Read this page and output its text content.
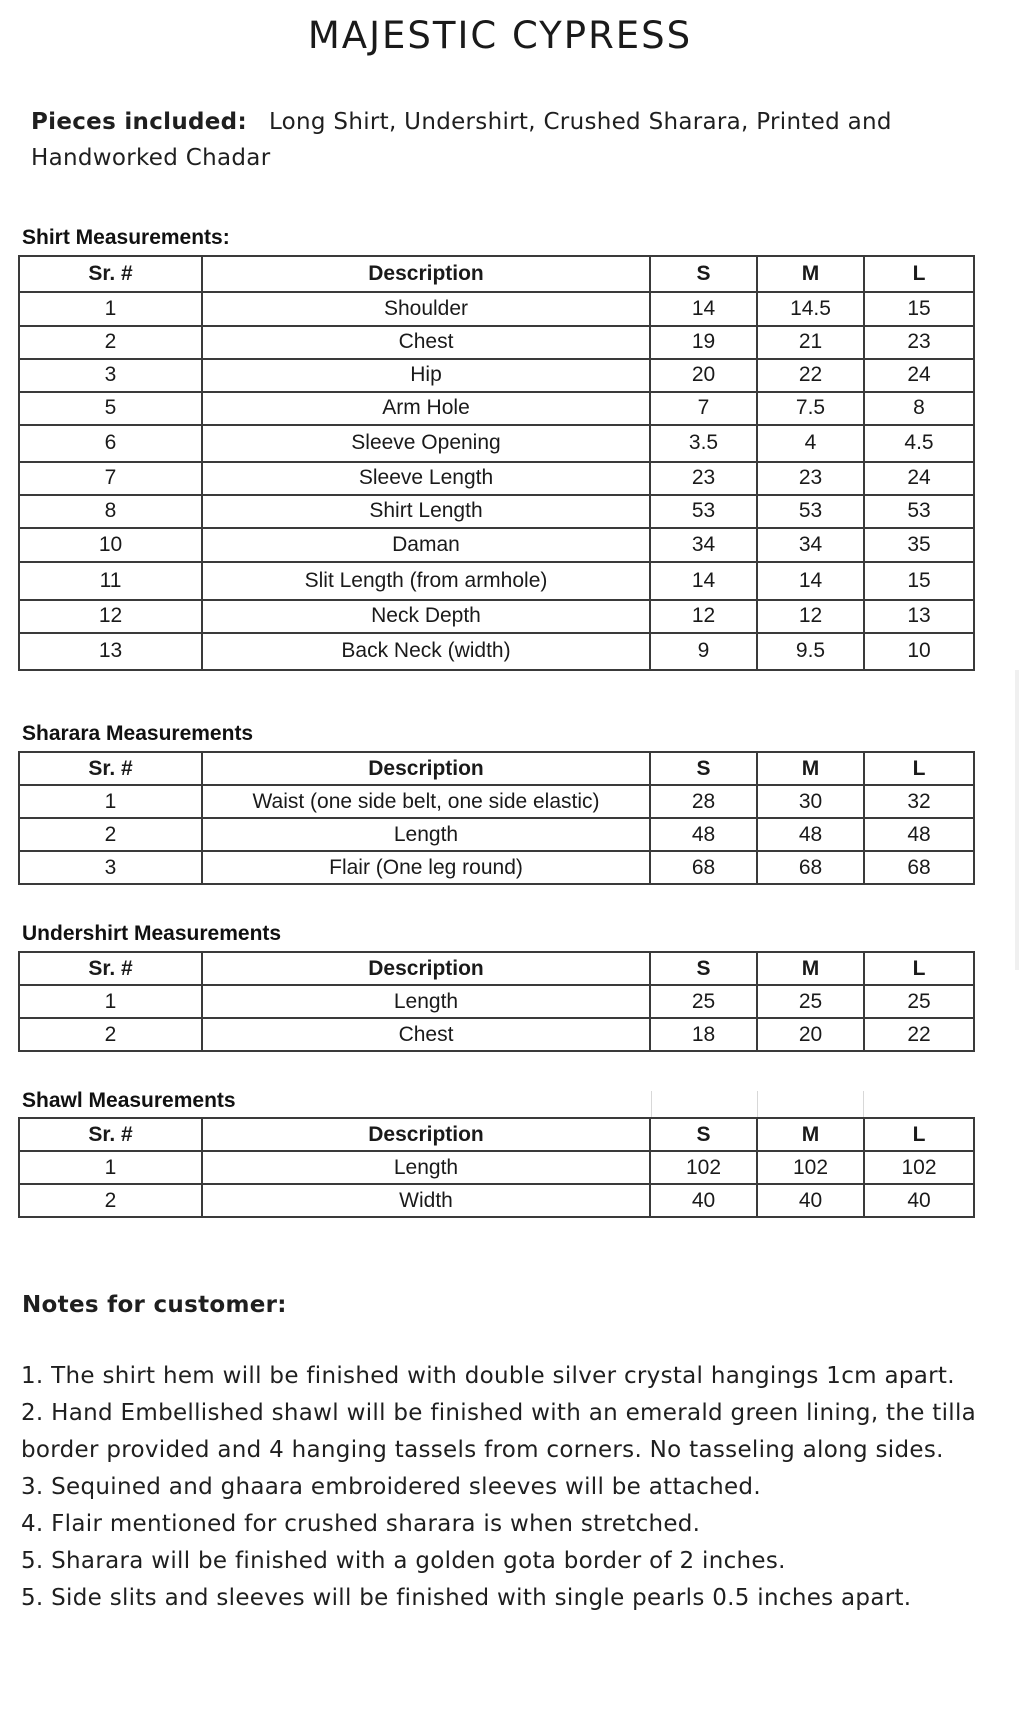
MAJESTIC CYPRESS
Pieces included: Long Shirt, Undershirt, Crushed Sharara, Printed and Handworked Chadar
Shirt Measurements:
Sr. #	Description	S	M	L
1	Shoulder	14	14.5	15
2	Chest	19	21	23
3	Hip	20	22	24
5	Arm Hole	7	7.5	8
6	Sleeve Opening	3.5	4	4.5
7	Sleeve Length	23	23	24
8	Shirt Length	53	53	53
10	Daman	34	34	35
11	Slit Length (from armhole)	14	14	15
12	Neck Depth	12	12	13
13	Back Neck (width)	9	9.5	10
Sharara Measurements
Sr. #	Description	S	M	L
1	Waist (one side belt, one side elastic)	28	30	32
2	Length	48	48	48
3	Flair (One leg round)	68	68	68
Undershirt Measurements
Sr. #	Description	S	M	L
1	Length	25	25	25
2	Chest	18	20	22
Shawl Measurements
Sr. #	Description	S	M	L
1	Length	102	102	102
2	Width	40	40	40
Notes for customer:
1. The shirt hem will be finished with double silver crystal hangings 1cm apart.
2. Hand Embellished shawl will be finished with an emerald green lining, the tilla border provided and 4 hanging tassels from corners. No tasseling along sides.
3. Sequined and ghaara embroidered sleeves will be attached.
4. Flair mentioned for crushed sharara is when stretched.
5. Sharara will be finished with a golden gota border of 2 inches.
5. Side slits and sleeves will be finished with single pearls 0.5 inches apart.
